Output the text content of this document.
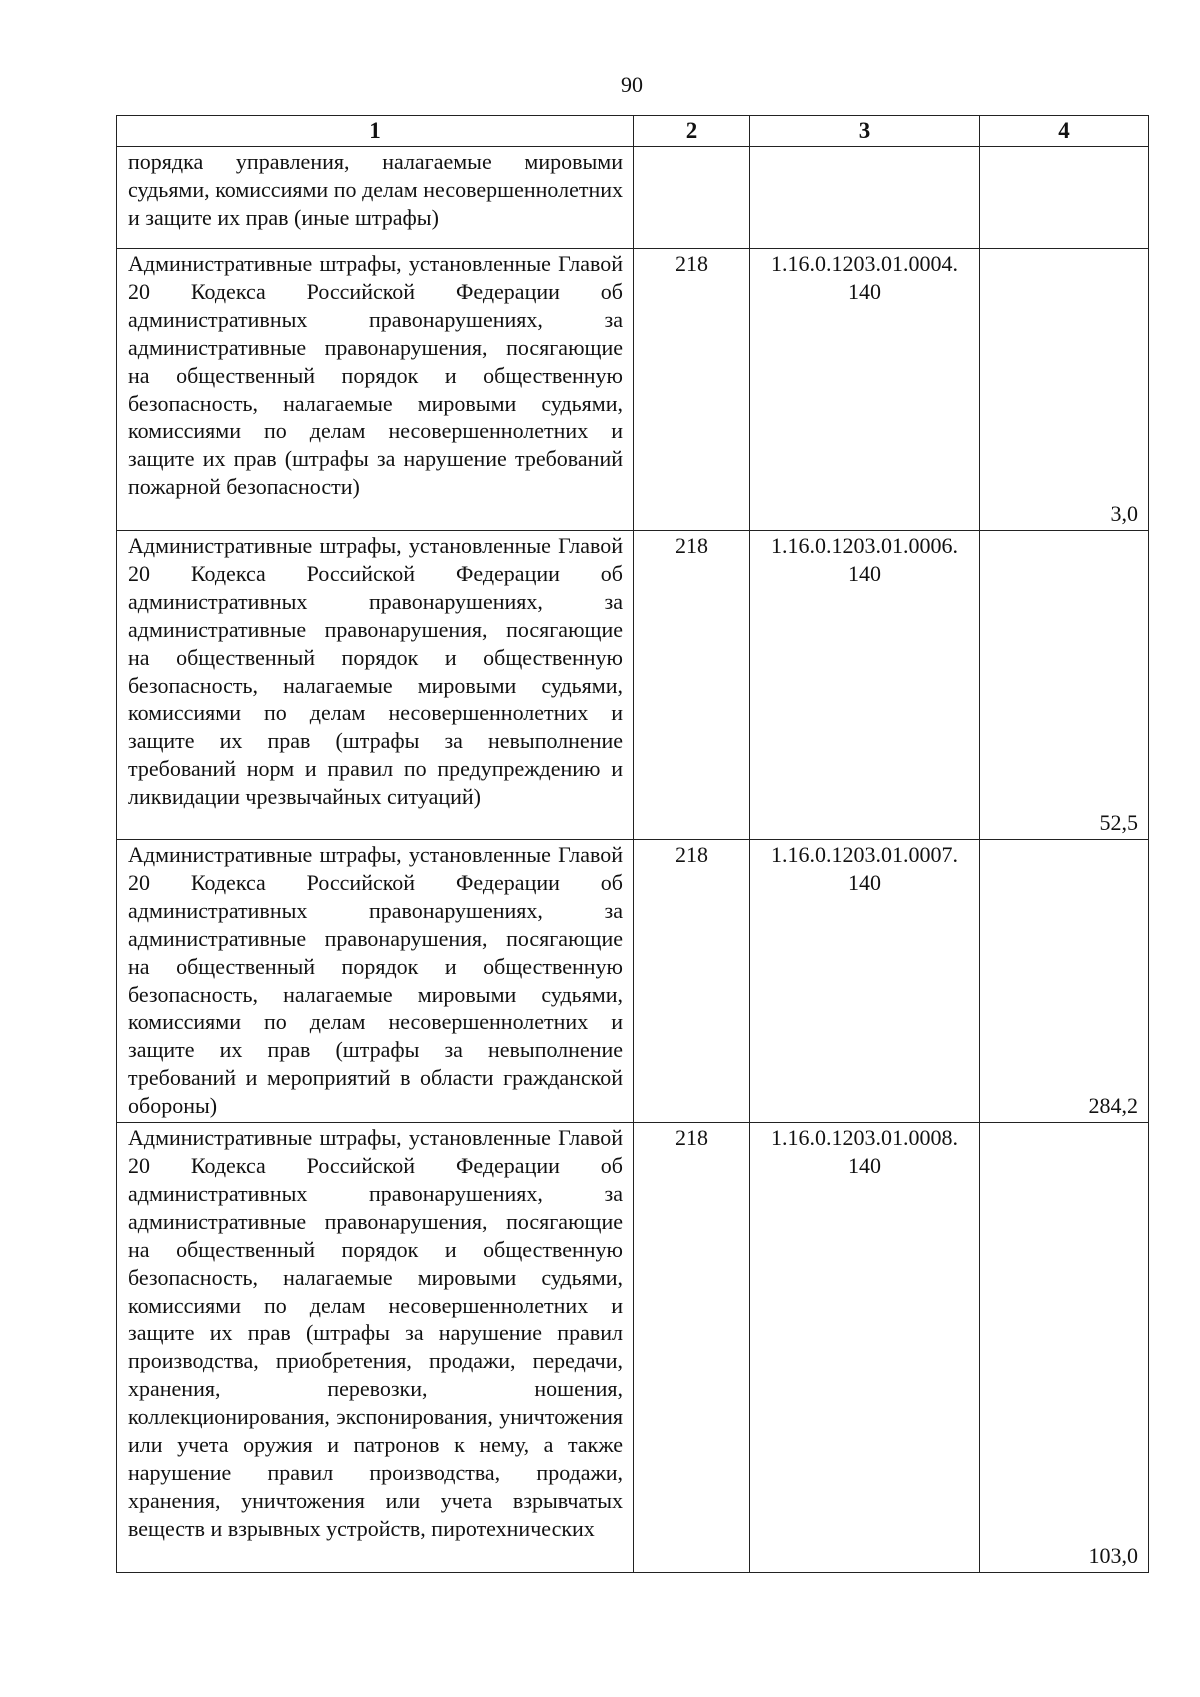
90
1	2	3	4
порядка управления, налагаемые мировыми судьями, комиссиями по делам несовершеннолетних и защите их прав (иные штрафы)			
Административные штрафы, установленные Главой 20 Кодекса Российской Федерации об административных правонарушениях, за административные правонарушения, посягающие на общественный порядок и общественную безопасность, налагаемые мировыми судьями, комиссиями по делам несовершеннолетних и защите их прав (штрафы за нарушение требований пожарной безопасности)	218	1.16.0.1203.01.0004. 140	3,0
Административные штрафы, установленные Главой 20 Кодекса Российской Федерации об административных правонарушениях, за административные правонарушения, посягающие на общественный порядок и общественную безопасность, налагаемые мировыми судьями, комиссиями по делам несовершеннолетних и защите их прав (штрафы за невыполнение требований норм и правил по предупреждению и ликвидации чрезвычайных ситуаций)	218	1.16.0.1203.01.0006. 140	52,5
Административные штрафы, установленные Главой 20 Кодекса Российской Федерации об административных правонарушениях, за административные правонарушения, посягающие на общественный порядок и общественную безопасность, налагаемые мировыми судьями, комиссиями по делам несовершеннолетних и защите их прав (штрафы за невыполнение требований и мероприятий в области гражданской обороны)	218	1.16.0.1203.01.0007. 140	284,2
Административные штрафы, установленные Главой 20 Кодекса Российской Федерации об административных правонарушениях, за административные правонарушения, посягающие на общественный порядок и общественную безопасность, налагаемые мировыми судьями, комиссиями по делам несовершеннолетних и защите их прав (штрафы за нарушение правил производства, приобретения, продажи, передачи, хранения, перевозки, ношения, коллекционирования, экспонирования, уничтожения или учета оружия и патронов к нему, а также нарушение правил производства, продажи, хранения, уничтожения или учета взрывчатых веществ и взрывных устройств, пиротехнических	218	1.16.0.1203.01.0008. 140	103,0
